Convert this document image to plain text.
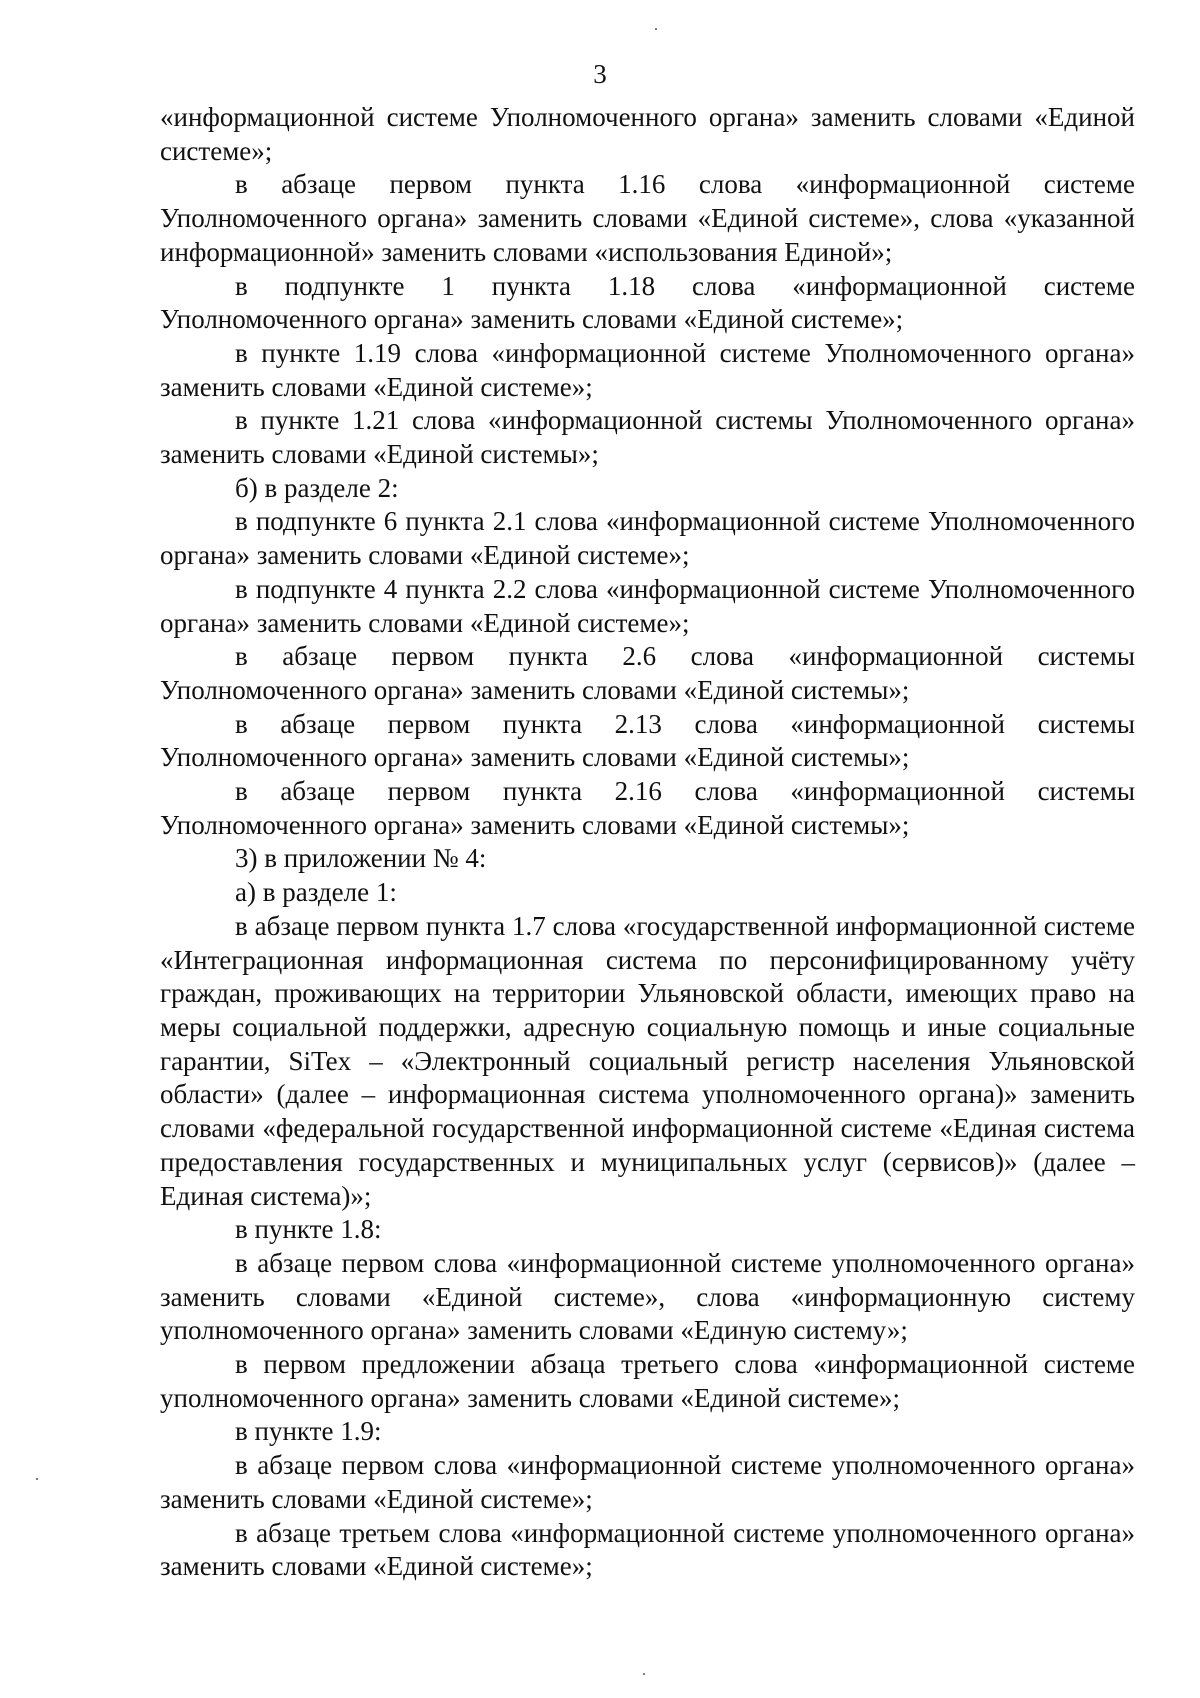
3

«информационной системе Уполномоченного органа» заменить словами «Единой системе»;

в абзаце первом пункта 1.16 слова «информационной системе Уполномоченного органа» заменить словами «Единой системе», слова «указанной информационной» заменить словами «использования Единой»;

в подпункте 1 пункта 1.18 слова «информационной системе Уполномоченного органа» заменить словами «Единой системе»;

в пункте 1.19 слова «информационной системе Уполномоченного органа» заменить словами «Единой системе»;

в пункте 1.21 слова «информационной системы Уполномоченного органа» заменить словами «Единой системы»;

б) в разделе 2:

в подпункте 6 пункта 2.1 слова «информационной системе Уполномоченного органа» заменить словами «Единой системе»;

в подпункте 4 пункта 2.2 слова «информационной системе Уполномоченного органа» заменить словами «Единой системе»;

в абзаце первом пункта 2.6 слова «информационной системы Уполномоченного органа» заменить словами «Единой системы»;

в абзаце первом пункта 2.13 слова «информационной системы Уполномоченного органа» заменить словами «Единой системы»;

в абзаце первом пункта 2.16 слова «информационной системы Уполномоченного органа» заменить словами «Единой системы»;

3) в приложении № 4:

а) в разделе 1:

в абзаце первом пункта 1.7 слова «государственной информационной системе «Интеграционная информационная система по персонифицированному учёту граждан, проживающих на территории Ульяновской области, имеющих право на меры социальной поддержки, адресную социальную помощь и иные социальные гарантии, SiTex – «Электронный социальный регистр населения Ульяновской области» (далее – информационная система уполномоченного органа)» заменить словами «федеральной государственной информационной системе «Единая система предоставления государственных и муниципальных услуг (сервисов)» (далее – Единая система)»;

в пункте 1.8:

в абзаце первом слова «информационной системе уполномоченного органа» заменить словами «Единой системе», слова «информационную систему уполномоченного органа» заменить словами «Единую систему»;

в первом предложении абзаца третьего слова «информационной системе уполномоченного органа» заменить словами «Единой системе»;

в пункте 1.9:

в абзаце первом слова «информационной системе уполномоченного органа» заменить словами «Единой системе»;

в абзаце третьем слова «информационной системе уполномоченного органа» заменить словами «Единой системе»;
